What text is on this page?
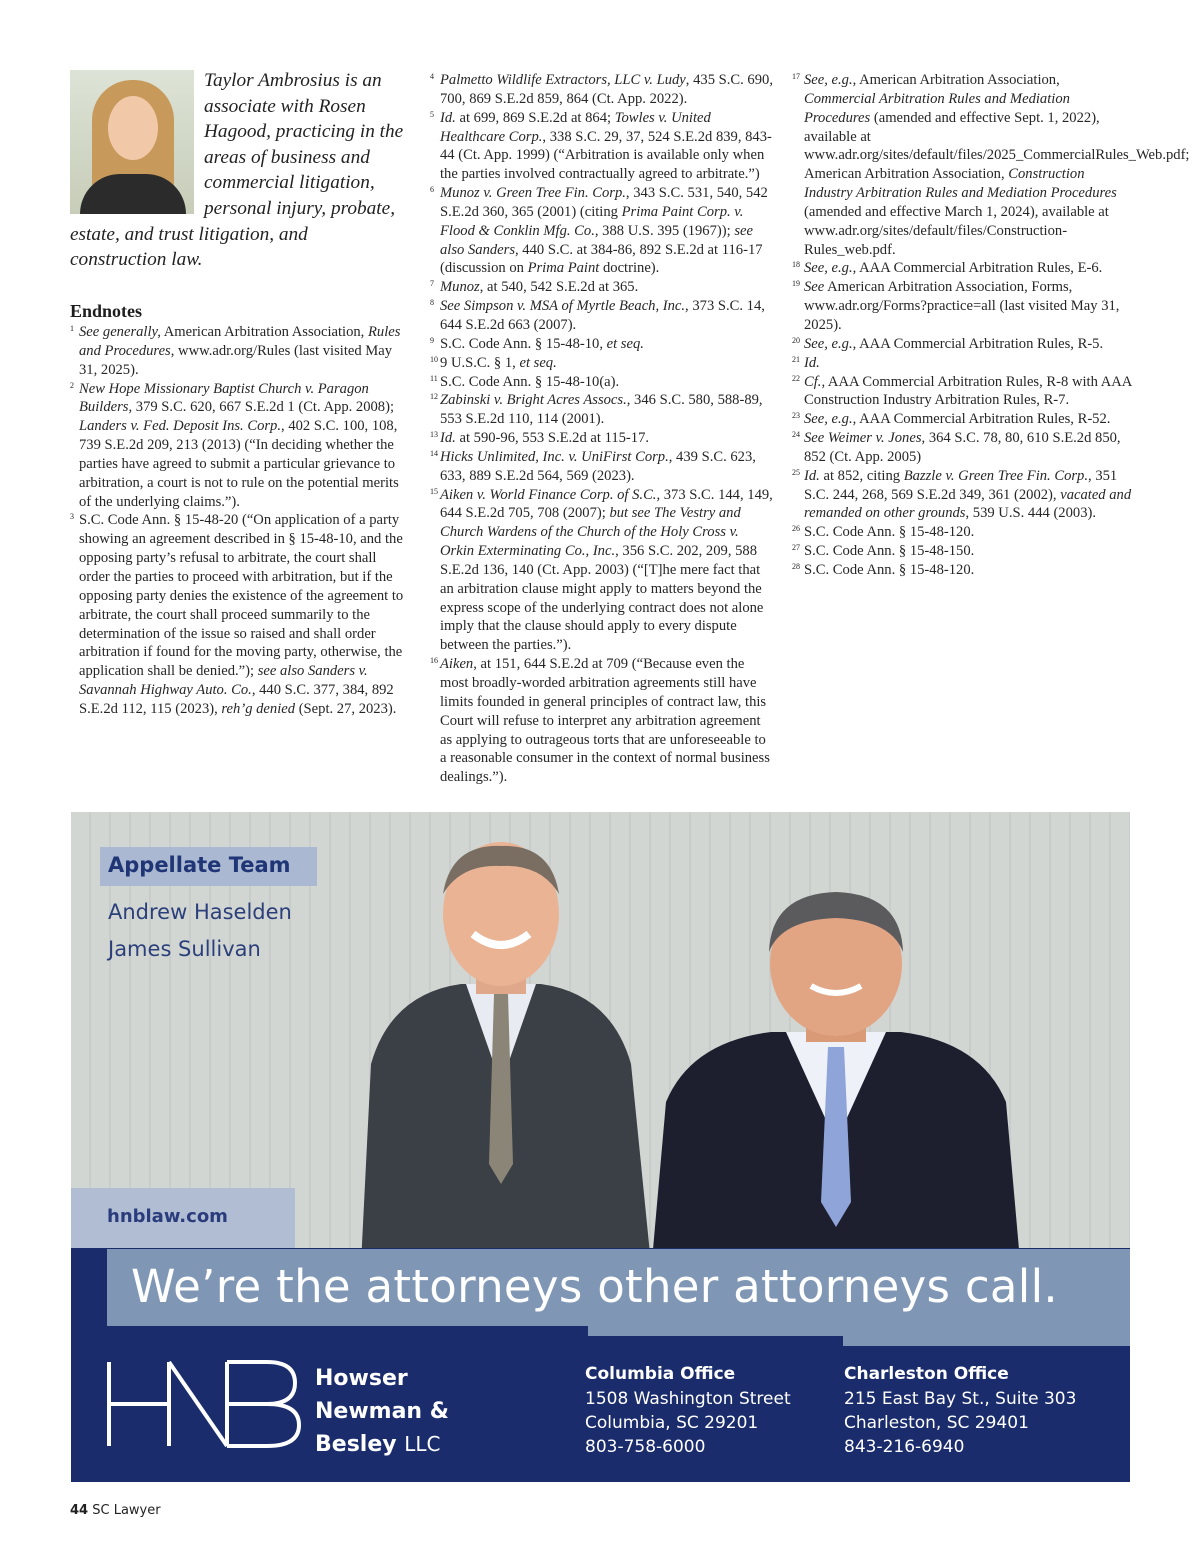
Taylor Ambrosius is an associate with Rosen Hagood, practicing in the areas of business and commercial litigation, personal injury, probate, estate, and trust litigation, and construction law.

Endnotes

1 See generally, American Arbitration Association, Rules and Procedures, www.adr.org/Rules (last visited May 31, 2025).

2 New Hope Missionary Baptist Church v. Paragon Builders, 379 S.C. 620, 667 S.E.2d 1 (Ct. App. 2008); Landers v. Fed. Deposit Ins. Corp., 402 S.C. 100, 108, 739 S.E.2d 209, 213 (2013) (“In deciding whether the parties have agreed to submit a particular grievance to arbitration, a court is not to rule on the potential merits of the underlying claims.”).

3 S.C. Code Ann. § 15-48-20 (“On application of a party showing an agreement described in § 15-48-10, and the opposing party’s refusal to arbitrate, the court shall order the parties to proceed with arbitration, but if the opposing party denies the existence of the agreement to arbitrate, the court shall proceed summarily to the determination of the issue so raised and shall order arbitration if found for the moving party, otherwise, the application shall be denied.”); see also Sanders v. Savannah Highway Auto. Co., 440 S.C. 377, 384, 892 S.E.2d 112, 115 (2023), reh’g denied (Sept. 27, 2023).

4 Palmetto Wildlife Extractors, LLC v. Ludy, 435 S.C. 690, 700, 869 S.E.2d 859, 864 (Ct. App. 2022).

5 Id. at 699, 869 S.E.2d at 864; Towles v. United Healthcare Corp., 338 S.C. 29, 37, 524 S.E.2d 839, 843-44 (Ct. App. 1999) (“Arbitration is available only when the parties involved contractually agreed to arbitrate.”)

6 Munoz v. Green Tree Fin. Corp., 343 S.C. 531, 540, 542 S.E.2d 360, 365 (2001) (citing Prima Paint Corp. v. Flood & Conklin Mfg. Co., 388 U.S. 395 (1967)); see also Sanders, 440 S.C. at 384-86, 892 S.E.2d at 116-17 (discussion on Prima Paint doctrine).

7 Munoz, at 540, 542 S.E.2d at 365.

8 See Simpson v. MSA of Myrtle Beach, Inc., 373 S.C. 14, 644 S.E.2d 663 (2007).

9 S.C. Code Ann. § 15-48-10, et seq.

10 9 U.S.C. § 1, et seq.

11 S.C. Code Ann. § 15-48-10(a).

12 Zabinski v. Bright Acres Assocs., 346 S.C. 580, 588-89, 553 S.E.2d 110, 114 (2001).

13 Id. at 590-96, 553 S.E.2d at 115-17.

14 Hicks Unlimited, Inc. v. UniFirst Corp., 439 S.C. 623, 633, 889 S.E.2d 564, 569 (2023).

15 Aiken v. World Finance Corp. of S.C., 373 S.C. 144, 149, 644 S.E.2d 705, 708 (2007); but see The Vestry and Church Wardens of the Church of the Holy Cross v. Orkin Exterminating Co., Inc., 356 S.C. 202, 209, 588 S.E.2d 136, 140 (Ct. App. 2003) (“[T]he mere fact that an arbitration clause might apply to matters beyond the express scope of the underlying contract does not alone imply that the clause should apply to every dispute between the parties.”).

16 Aiken, at 151, 644 S.E.2d at 709 (“Because even the most broadly-worded arbitration agreements still have limits founded in general principles of contract law, this Court will refuse to interpret any arbitration agreement as applying to outrageous torts that are unforeseeable to a reasonable consumer in the context of normal business dealings.”).

17 See, e.g., American Arbitration Association, Commercial Arbitration Rules and Mediation Procedures (amended and effective Sept. 1, 2022), available at www.adr.org/sites/default/files/2025_CommercialRules_Web.pdf; American Arbitration Association, Construction Industry Arbitration Rules and Mediation Procedures (amended and effective March 1, 2024), available at www.adr.org/sites/default/files/Construction-Rules_web.pdf.

18 See, e.g., AAA Commercial Arbitration Rules, E-6.

19 See American Arbitration Association, Forms, www.adr.org/Forms?practice=all (last visited May 31, 2025).

20 See, e.g., AAA Commercial Arbitration Rules, R-5.

21 Id.

22 Cf., AAA Commercial Arbitration Rules, R-8 with AAA Construction Industry Arbitration Rules, R-7.

23 See, e.g., AAA Commercial Arbitration Rules, R-52.

24 See Weimer v. Jones, 364 S.C. 78, 80, 610 S.E.2d 850, 852 (Ct. App. 2005)

25 Id. at 852, citing Bazzle v. Green Tree Fin. Corp., 351 S.C. 244, 268, 569 S.E.2d 349, 361 (2002), vacated and remanded on other grounds, 539 U.S. 444 (2003).

26 S.C. Code Ann. § 15-48-120.

27 S.C. Code Ann. § 15-48-150.

28 S.C. Code Ann. § 15-48-120.

Appellate Team
Andrew Haselden
James Sullivan
hnblaw.com
We’re the attorneys other attorneys call.
Howser
Newman &
Besley LLC
Columbia Office
1508 Washington Street
Columbia, SC 29201
803-758-6000
Charleston Office
215 East Bay St., Suite 303
Charleston, SC 29401
843-216-6940
44 SC Lawyer
